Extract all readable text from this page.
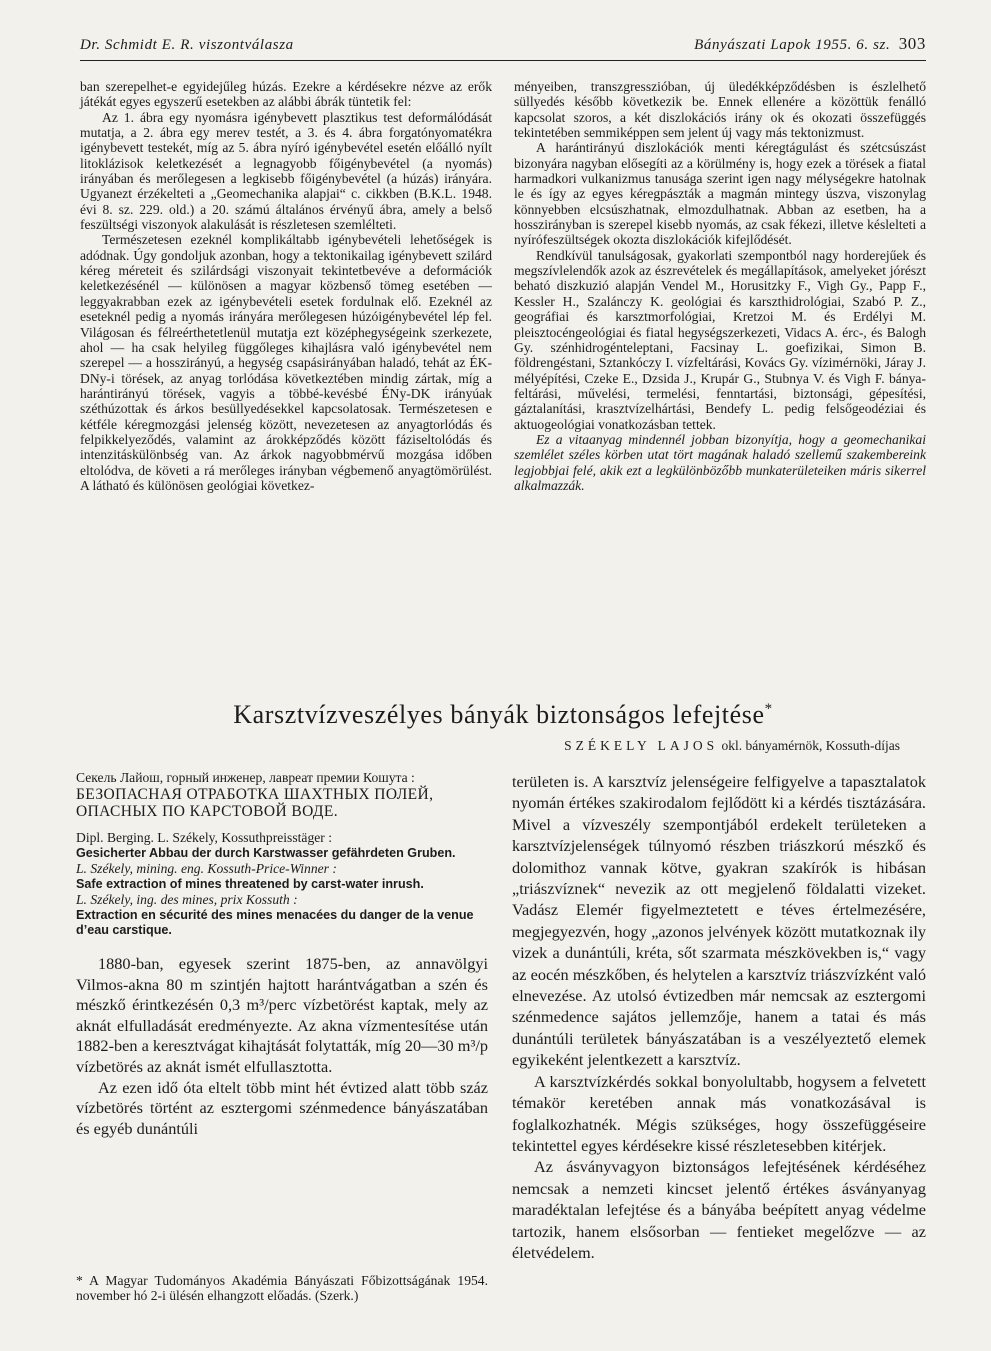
Dr. Schmidt E. R. viszontválasza	Bányászati Lapok 1955. 6. sz. 303

ban szerepelhet-e egyidejűleg húzás. Ezekre a kérdésekre nézve az erők játékát egyes egyszerű esetekben az alábbi ábrák tüntetik fel:

Az 1. ábra egy nyomásra igénybevett plasztikus test deformálódását mutatja, a 2. ábra egy merev testét, a 3. és 4. ábra forgatónyomatékra igénybevett testekét, míg az 5. ábra nyíró igénybevétel esetén előálló nyílt litoklázisok keletkezését a legnagyobb főigénybevétel (a nyomás) irányában és merőlegesen a legkisebb főigénybevétel (a húzás) irányára. Ugyanezt érzékelteti a „Geomechanika alapjai“ c. cikkben (B.K.L. 1948. évi 8. sz. 229. old.) a 20. számú általános érvényű ábra, amely a belső feszültségi viszonyok alakulását is részletesen szemlélteti.

Természetesen ezeknél komplikáltabb igénybevételi lehetőségek is adódnak. Úgy gondoljuk azonban, hogy a tektonikailag igénybevett szilárd kéreg méreteit és szilárdsági viszonyait tekintetbevéve a deformációk keletkezésénél — különösen a magyar közbenső tömeg esetében — leggyakrabban ezek az igénybevételi esetek fordulnak elő. Ezeknél az eseteknél pedig a nyomás irányára merőlegesen húzóigénybevétel lép fel. Világosan és félreérthetetlenül mutatja ezt középhegységeink szerkezete, ahol — ha csak helyileg függőleges kihajlásra való igénybevétel nem szerepel — a hosszirányú, a hegység csapásirányában haladó, tehát az ÉK-DNy-i törések, az anyag torlódása következtében mindig zártak, míg a harántirányú törések, vagyis a többé-kevésbé ÉNy-DK irányúak széthúzottak és árkos besüllyedésekkel kapcsolatosak. Természetesen e kétféle kéregmozgási jelenség között, nevezetesen az anyagtorlódás és felpikkelyeződés, valamint az árokképződés között fáziseltolódás és intenzitáskülönbség van. Az árkok nagyobbmérvű mozgása időben eltolódva, de követi a rá merőleges irányban végbemenő anyagtömörülést. A látható és különösen geológiai következ-

ményeiben, transzgresszióban, új üledékképződésben is észlelhető süllyedés később következik be. Ennek ellenére a közöttük fenálló kapcsolat szoros, a két diszlokációs irány ok és okozati összefüggés tekintetében semmiképpen sem jelent új vagy más tektonizmust.

A harántirányú diszlokációk menti kéregtágulást és szétcsúszást bizonyára nagyban elősegíti az a körülmény is, hogy ezek a törések a fiatal harmadkori vulkanizmus tanusága szerint igen nagy mélységekre hatolnak le és így az egyes kéregpászták a magmán mintegy úszva, viszonylag könnyebben elcsúszhatnak, elmozdulhatnak. Abban az esetben, ha a hosszirányban is szerepel kisebb nyomás, az csak fékezi, illetve késlelteti a nyírófeszültségek okozta diszlokációk kifejlődését.

Rendkívül tanulságosak, gyakorlati szempontból nagy horderejűek és megszívlelendők azok az észrevételek és megállapítások, amelyeket jórészt beható diszkuzió alapján Vendel M., Horusitzky F., Vigh Gy., Papp F., Kessler H., Szalánczy K. geológiai és karszthidrológiai, Szabó P. Z., geográfiai és karsztmorfológiai, Kretzoi M. és Erdélyi M. pleisztocéngeológiai és fiatal hegységszerkezeti, Vidacs A. érc-, és Balogh Gy. szénhidrogénteleptani, Facsinay L. goefizikai, Simon B. földrengéstani, Sztankóczy I. vízfeltárási, Kovács Gy. vízimérnöki, Járay J. mélyépítési, Czeke E., Dzsida J., Krupár G., Stubnya V. és Vigh F. bánya-feltárási, művelési, termelési, fenntartási, biztonsági, gépesítési, gáztalanítási, krasztvízelhártási, Bendefy L. pedig felsőgeodéziai és aktuogeológiai vonatkozásban tettek.

Ez a vitaanyag mindennél jobban bizonyítja, hogy a geomechanikai szemlélet széles körben utat tört magának haladó szellemű szakembereink legjobbjai felé, akik ezt a legkülönbözőbb munkaterületeiken máris sikerrel alkalmazzák.

Karsztvízveszélyes bányák biztonságos lefejtése*
SZÉKELY LAJOS okl. bányamérnök, Kossuth-díjas

Секель Лайош, горный инженер, лавреат премии Кошута :

БЕЗОПАСНАЯ ОТРАБОТКА ШАХТНЫХ ПОЛЕЙ, ОПАСНЫХ ПО КАРСТОВОЙ ВОДЕ.

Dipl. Berging. L. Székely, Kossuthpreisstäger :

Gesicherter Abbau der durch Karstwasser gefährdeten Gruben.

L. Székely, mining. eng. Kossuth-Price-Winner :

Safe extraction of mines threatened by carst-water inrush.

L. Székely, ing. des mines, prix Kossuth :

Extraction en sécurité des mines menacées du danger de la venue d’eau carstique.

1880-ban, egyesek szerint 1875-ben, az annavölgyi Vilmos-akna 80 m szintjén hajtott harántvágatban a szén és mészkő érintkezésén 0,3 m³/perc vízbetörést kaptak, mely az aknát elfulladását eredményezte. Az akna vízmentesítése után 1882-ben a keresztvágat kihajtását folytatták, míg 20—30 m³/p vízbetörés az aknát ismét elfullasztotta.

Az ezen idő óta eltelt több mint hét évtized alatt több száz vízbetörés történt az esztergomi szénmedence bányászatában és egyéb dunántúli

* A Magyar Tudományos Akadémia Bányászati Főbizottságának 1954. november hó 2-i ülésén elhangzott előadás. (Szerk.)

területen is. A karsztvíz jelenségeire felfigyelve a tapasztalatok nyomán értékes szakirodalom fejlődött ki a kérdés tisztázására. Mivel a vízveszély szempontjából erdekelt területeken a karsztvízjelenségek túlnyomó részben triászkorú mészkő és dolomithoz vannak kötve, gyakran szakírók is hibásan „triászvíznek“ nevezik az ott megjelenő földalatti vizeket. Vadász Elemér figyelmeztetett e téves értelmezésére, megjegyezvén, hogy „azonos jelvények között mutatkoznak ily vizek a dunántúli, kréta, sőt szarmata mészkövekben is,“ vagy az eocén mészkőben, és helytelen a karsztvíz triászvízként való elnevezése. Az utolsó évtizedben már nemcsak az esztergomi szénmedence sajátos jellemzője, hanem a tatai és más dunántúli területek bányászatában is a veszélyeztető elemek egyikeként jelentkezett a karsztvíz.

A karsztvízkérdés sokkal bonyolultabb, hogysem a felvetett témakör keretében annak más vonatkozásával is foglalkozhatnék. Mégis szükséges, hogy összefüggéseire tekintettel egyes kérdésekre kissé részletesebben kitérjek.

Az ásványvagyon biztonságos lefejtésének kérdéséhez nemcsak a nemzeti kincset jelentő értékes ásványanyag maradéktalan lefejtése és a bányába beépített anyag védelme tartozik, hanem elsősorban — fentieket megelőzve — az életvédelem.
